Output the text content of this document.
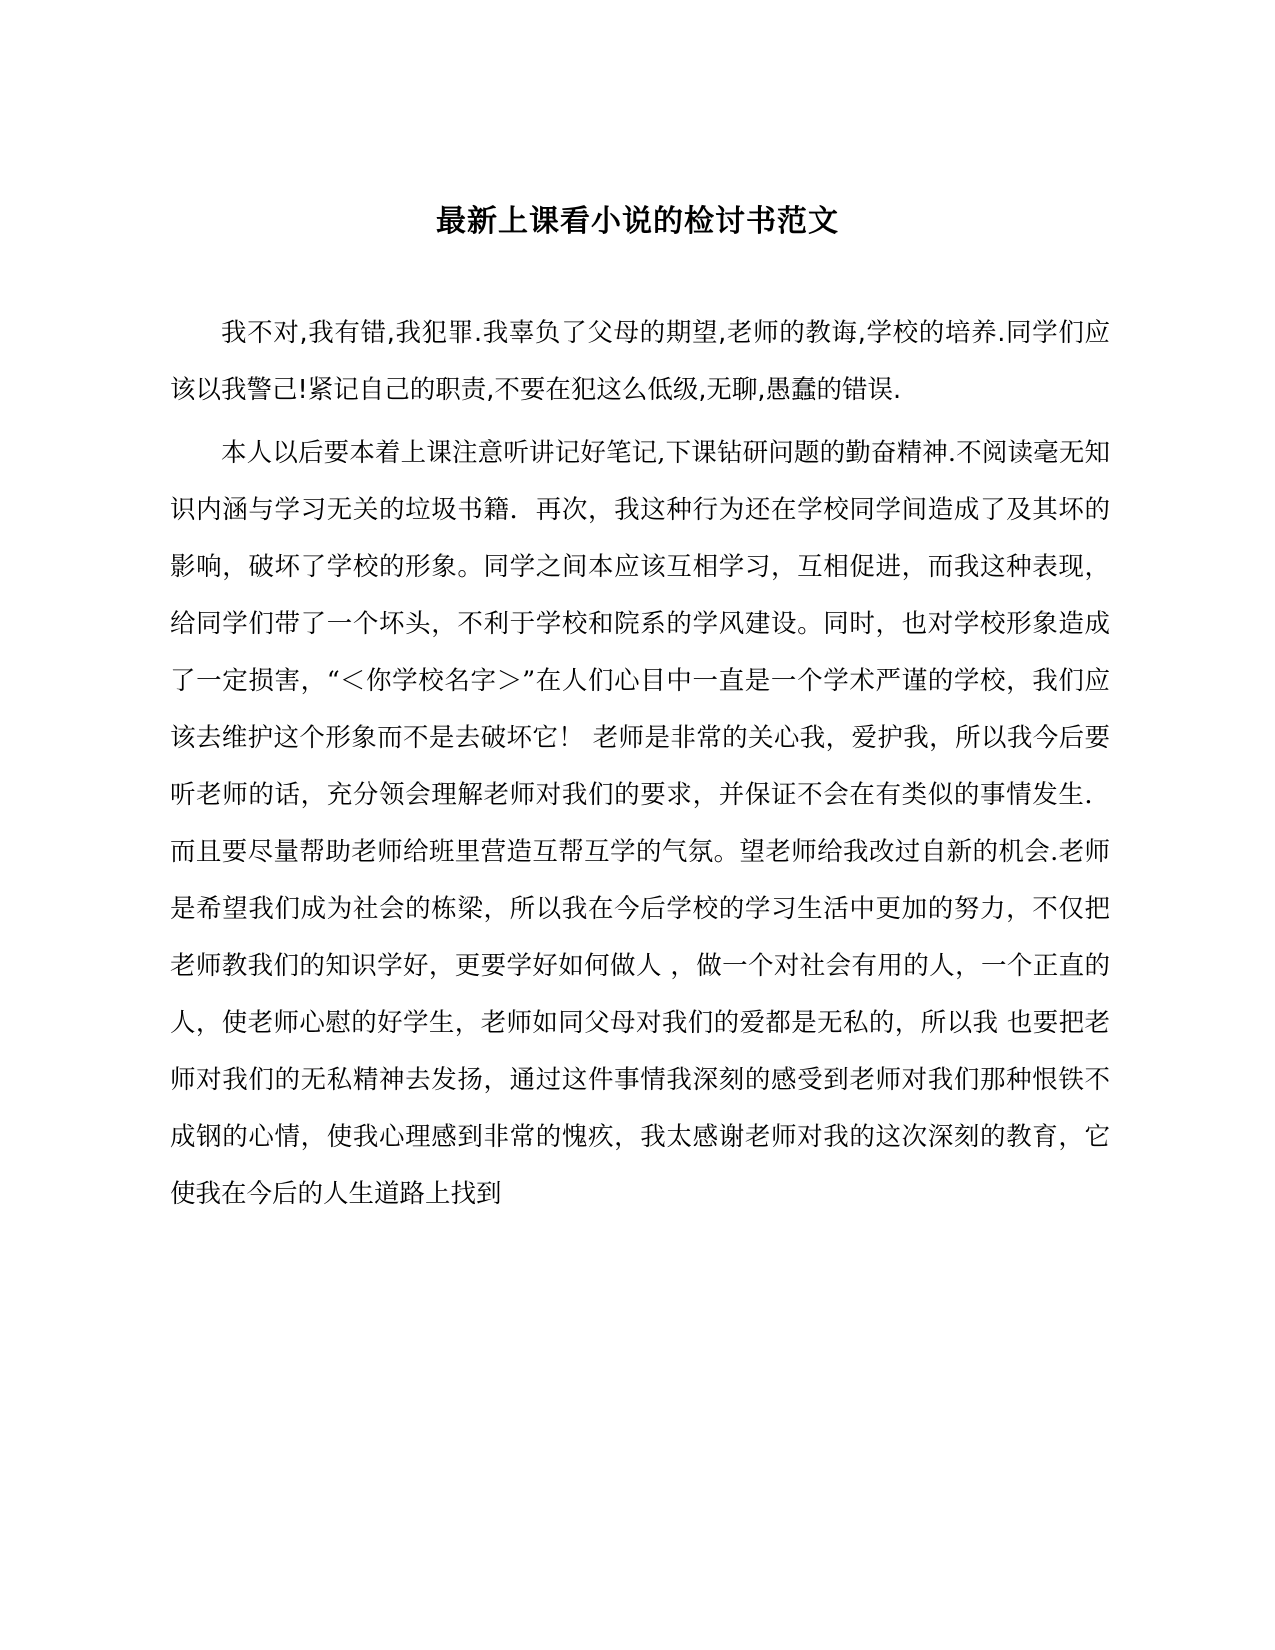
最新上课看小说的检讨书范文

我不对,我有错,我犯罪.我辜负了父母的期望,老师的教诲,学校的培养.同学们应该以我警己!紧记自己的职责,不要在犯这么低级,无聊,愚蠢的错误.

本人以后要本着上课注意听讲记好笔记,下课钻研问题的勤奋精神.不阅读毫无知识内涵与学习无关的垃圾书籍．再次，我这种行为还在学校同学间造成了及其坏的影响，破坏了学校的形象。同学之间本应该互相学习，互相促进，而我这种表现，给同学们带了一个坏头，不利于学校和院系的学风建设。同时，也对学校形象造成了一定损害，“＜你学校名字＞”在人们心目中一直是一个学术严谨的学校，我们应该去维护这个形象而不是去破坏它！ 老师是非常的关心我，爱护我，所以我今后要听老师的话，充分领会理解老师对我们的要求，并保证不会在有类似的事情发生．而且要尽量帮助老师给班里营造互帮互学的气氛。望老师给我改过自新的机会.老师是希望我们成为社会的栋梁，所以我在今后学校的学习生活中更加的努力，不仅把老师教我们的知识学好，更要学好如何做人 ，做一个对社会有用的人，一个正直的人，使老师心慰的好学生，老师如同父母对我们的爱都是无私的，所以我 也要把老师对我们的无私精神去发扬，通过这件事情我深刻的感受到老师对我们那种恨铁不成钢的心情，使我心理感到非常的愧疚，我太感谢老师对我的这次深刻的教育，它使我在今后的人生道路上找到
